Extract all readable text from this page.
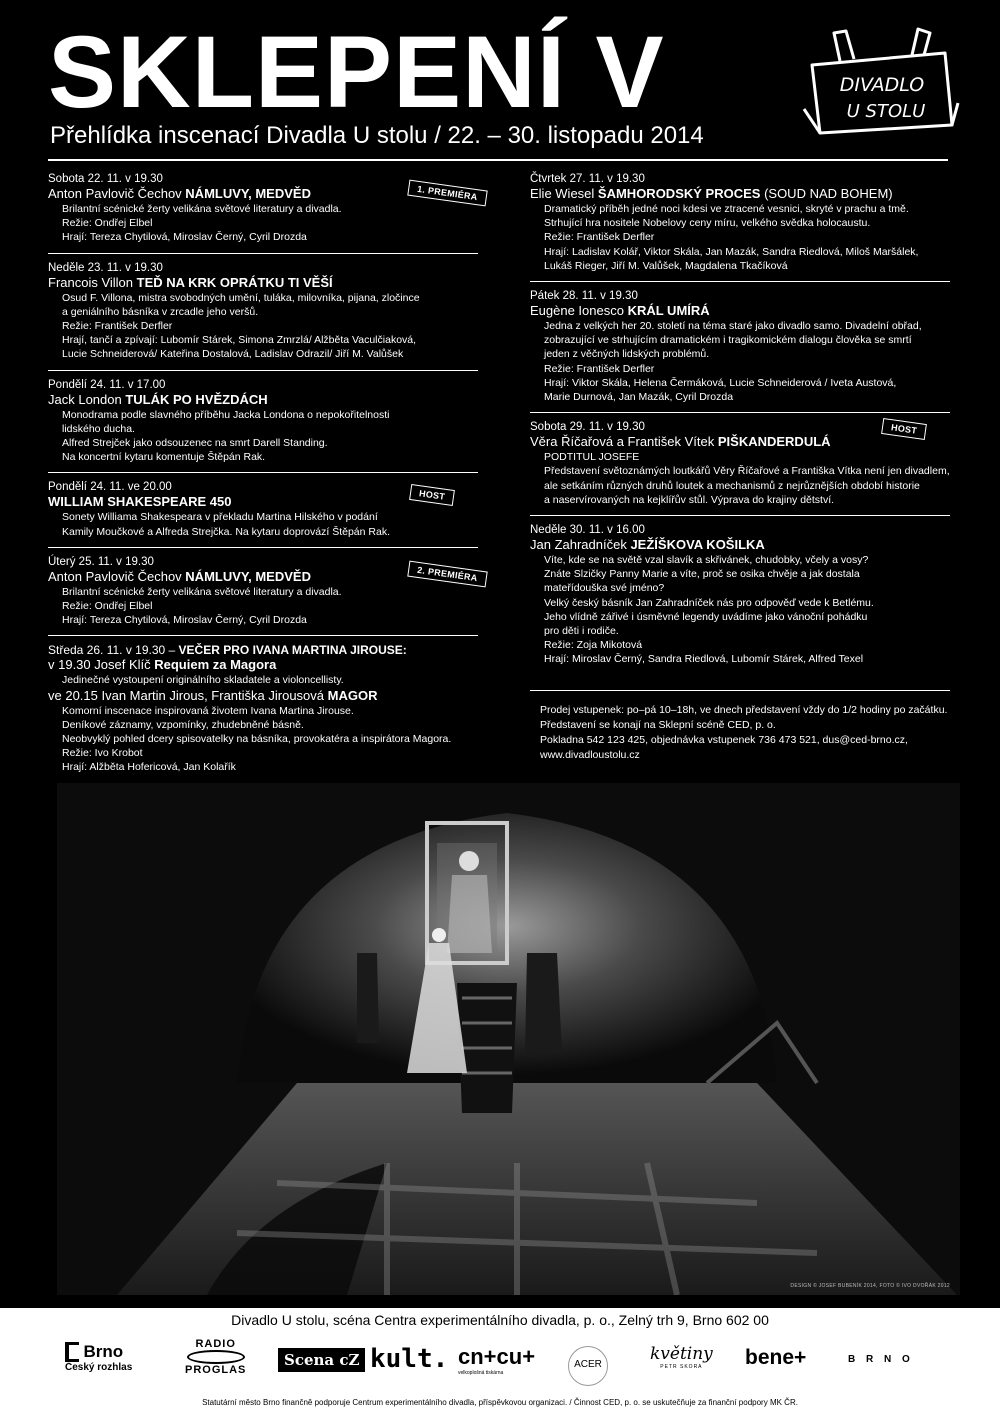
SKLEPENÍ V
Přehlídka inscenací Divadla U stolu / 22. – 30. listopadu 2014
DIVADLO
U STOLU
Sobota 22. 11. v 19.30
Anton Pavlovič Čechov NÁMLUVY, MEDVĚD
Brilantní scénické žerty velikána světové literatury a divadla.
Režie: Ondřej Elbel
Hrají: Tereza Chytilová, Miroslav Černý, Cyril Drozda
1. PREMIÉRA
Neděle 23. 11. v 19.30
Francois Villon TEĎ NA KRK OPRÁTKU TI VĚŠÍ
Osud F. Villona, mistra svobodných umění, tuláka, milovníka, pijana, zločince
a geniálního básníka v zrcadle jeho veršů.
Režie: František Derfler
Hrají, tančí a zpívají: Lubomír Stárek, Simona Zmrzlá/ Alžběta Vaculčiaková,
Lucie Schneiderová/ Kateřina Dostalová, Ladislav Odrazil/ Jiří M. Valůšek
Pondělí 24. 11. v 17.00
Jack London TULÁK PO HVĚZDÁCH
Monodrama podle slavného příběhu Jacka Londona o nepokořitelnosti
lidského ducha.
Alfred Strejček jako odsouzenec na smrt Darell Standing.
Na koncertní kytaru komentuje Štěpán Rak.
Pondělí 24. 11. ve 20.00
WILLIAM SHAKESPEARE 450
Sonety Williama Shakespeara v překladu Martina Hilského v podání
Kamily Moučkové a Alfreda Strejčka. Na kytaru doprovází Štěpán Rak.
HOST
Úterý 25. 11. v 19.30
Anton Pavlovič Čechov NÁMLUVY, MEDVĚD
Brilantní scénické žerty velikána světové literatury a divadla.
Režie: Ondřej Elbel
Hrají: Tereza Chytilová, Miroslav Černý, Cyril Drozda
2. PREMIÉRA
Středa 26. 11. v 19.30 – VEČER PRO IVANA MARTINA JIROUSE:
v 19.30 Josef Klíč Requiem za Magora
Jedinečné vystoupení originálního skladatele a violoncellisty.
ve 20.15 Ivan Martin Jirous, Františka Jirousová MAGOR
Komorní inscenace inspirovaná životem Ivana Martina Jirouse.
Deníkové záznamy, vzpomínky, zhudebněné básně.
Neobvyklý pohled dcery spisovatelky na básníka, provokatéra a inspirátora Magora.
Režie: Ivo Krobot
Hrají: Alžběta Hofericová, Jan Kolařík
Čtvrtek 27. 11. v 19.30
Elie Wiesel ŠAMHORODSKÝ PROCES (SOUD NAD BOHEM)
Dramatický příběh jedné noci kdesi ve ztracené vesnici, skryté v prachu a tmě.
Strhující hra nositele Nobelovy ceny míru, velkého svědka holocaustu.
Režie: František Derfler
Hrají: Ladislav Kolář, Viktor Skála, Jan Mazák, Sandra Riedlová, Miloš Maršálek,
Lukáš Rieger, Jiří M. Valůšek, Magdalena Tkačíková
Pátek 28. 11. v 19.30
Eugène Ionesco KRÁL UMÍRÁ
Jedna z velkých her 20. století na téma staré jako divadlo samo. Divadelní obřad,
zobrazující ve strhujícím dramatickém i tragikomickém dialogu člověka se smrtí
jeden z věčných lidských problémů.
Režie: František Derfler
Hrají: Viktor Skála, Helena Čermáková, Lucie Schneiderová / Iveta Austová,
Marie Durnová, Jan Mazák, Cyril Drozda
Sobota 29. 11. v 19.30
Věra Říčařová a František Vítek PIŠKANDERDULÁ
PODTITUL JOSEFE
Představení světoznámých loutkářů Věry Říčařové a Františka Vítka není jen divadlem,
ale setkáním různých druhů loutek a mechanismů z nejrůznějších období historie
a naservírovaných na kejklířův stůl. Výprava do krajiny dětství.
HOST
Neděle 30. 11. v 16.00
Jan Zahradníček JEŽÍŠKOVA KOŠILKA
Víte, kde se na světě vzal slavík a skřivánek, chudobky, včely a vosy?
Znáte Slzičky Panny Marie a víte, proč se osika chvěje a jak dostala
mateřídouška své jméno?
Velký český básník Jan Zahradníček nás pro odpověď vede k Betlému.
Jeho vlídně zářivé i úsměvné legendy uvádíme jako vánoční pohádku
pro děti i rodiče.
Režie: Zoja Mikotová
Hrají: Miroslav Černý, Sandra Riedlová, Lubomír Stárek, Alfred Texel
Prodej vstupenek: po–pá 10–18h, ve dnech představení vždy do 1/2 hodiny po začátku.
Představení se konají na Sklepní scéně CED, p. o.
Pokladna 542 123 425, objednávka vstupenek 736 473 521, dus@ced-brno.cz,
www.divadloustolu.cz
DESIGN © JOSEF BUBENÍK 2014, FOTO © IVO DVOŘÁK 2012
Divadlo U stolu, scéna Centra experimentálního divadla, p. o., Zelný trh 9, Brno 602 00
Brno
Český rozhlas
RADIO
PROGLAS
Scena cZ kult. cn+cu+
velkoplošná tiskárna
ACER
květiny
PETR SKORA	bene+	B R N O
Statutární město Brno finančně podporuje Centrum experimentálního divadla, příspěvkovou organizaci. / Činnost CED, p. o. se uskutečňuje za finanční podpory MK ČR.
